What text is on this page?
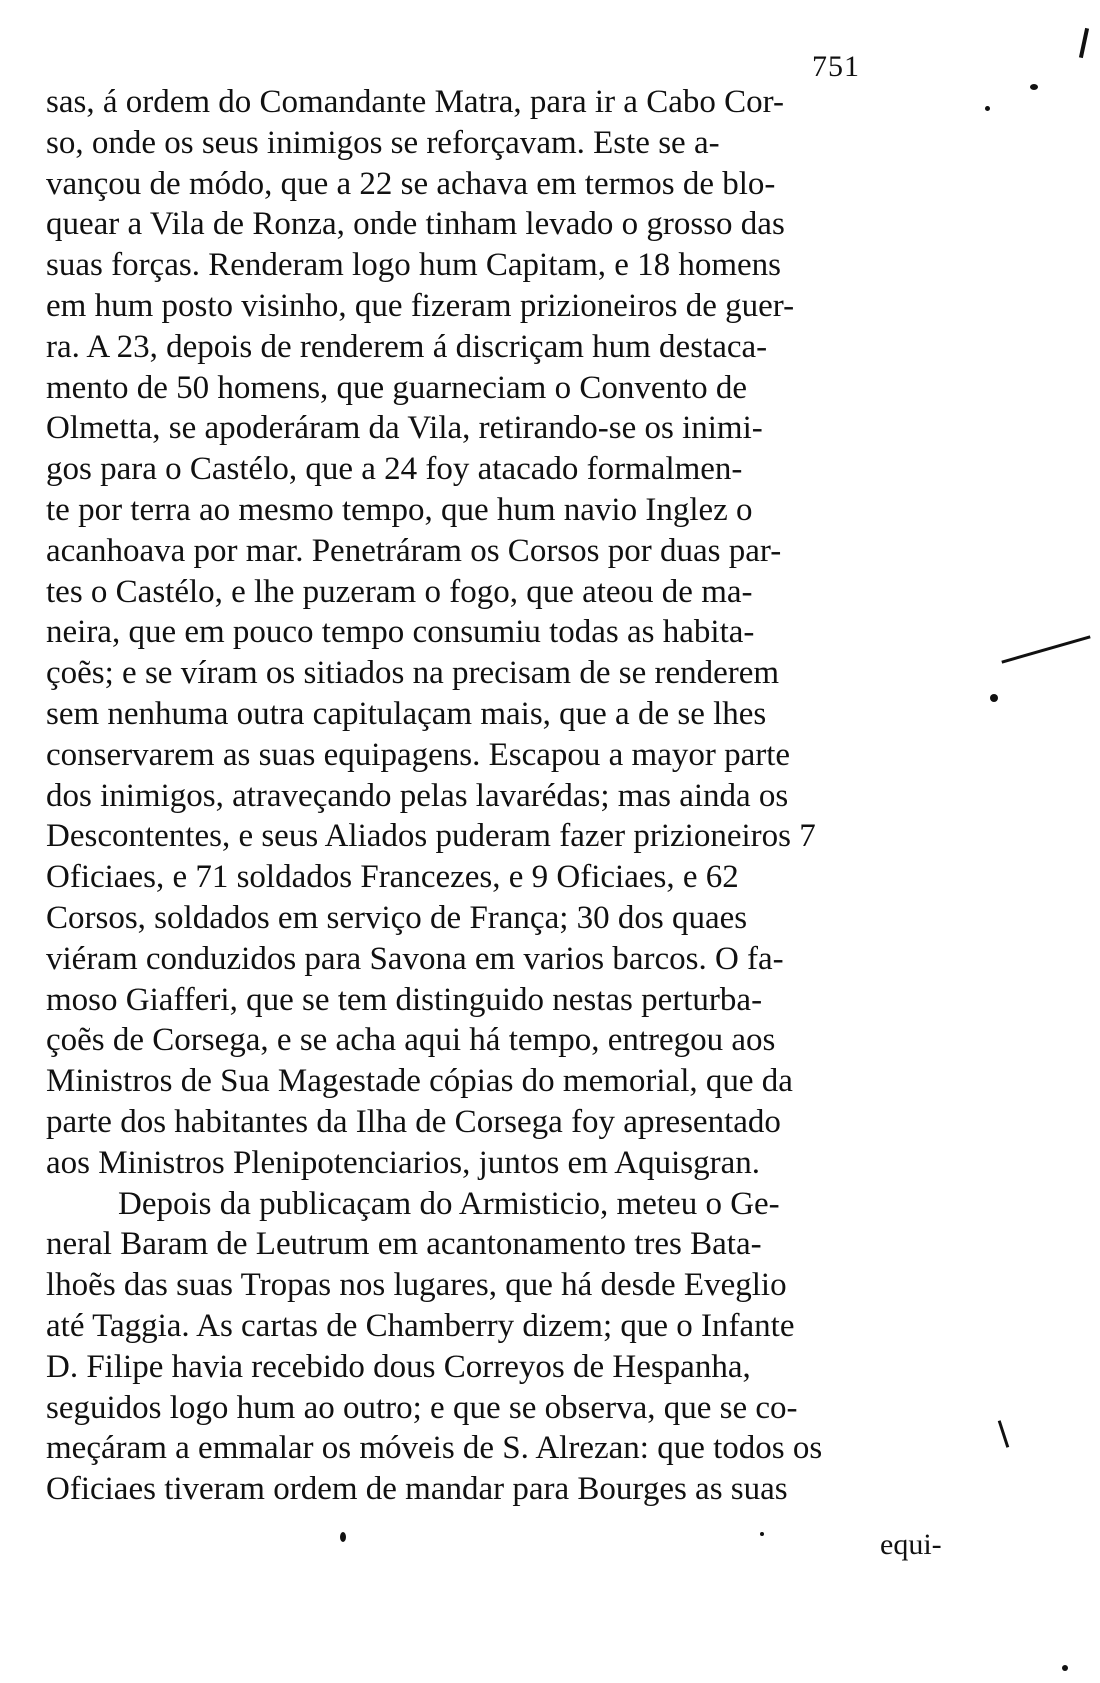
751
sas, á ordem do Comandante Matra, para ir a Cabo Cor-
so, onde os seus inimigos se reforçavam. Este se a-
vançou de módo, que a 22 se achava em termos de blo-
quear a Vila de Ronza, onde tinham levado o grosso das
suas forças. Renderam logo hum Capitam, e 18 homens
em hum posto visinho, que fizeram prizioneiros de guer-
ra. A 23, depois de renderem á discriçam hum destaca-
mento de 50 homens, que guarneciam o Convento de
Olmetta, se apoderáram da Vila, retirando-se os inimi-
gos para o Castélo, que a 24 foy atacado formalmen-
te por terra ao mesmo tempo, que hum navio Inglez o
acanhoava por mar. Penetráram os Corsos por duas par-
tes o Castélo, e lhe puzeram o fogo, que ateou de ma-
neira, que em pouco tempo consumiu todas as habita-
çoẽs; e se víram os sitiados na precisam de se renderem
sem nenhuma outra capitulaçam mais, que a de se lhes
conservarem as suas equipagens. Escapou a mayor parte
dos inimigos, atraveçando pelas lavarédas; mas ainda os
Descontentes, e seus Aliados puderam fazer prizioneiros 7
Oficiaes, e 71 soldados Francezes, e 9 Oficiaes, e 62
Corsos, soldados em serviço de França; 30 dos quaes
viéram conduzidos para Savona em varios barcos. O fa-
moso Giafferi, que se tem distinguido nestas perturba-
çoẽs de Corsega, e se acha aqui há tempo, entregou aos
Ministros de Sua Magestade cópias do memorial, que da
parte dos habitantes da Ilha de Corsega foy apresentado
aos Ministros Plenipotenciarios, juntos em Aquisgran.
Depois da publicaçam do Armisticio, meteu o Ge-
neral Baram de Leutrum em acantonamento tres Bata-
lhoẽs das suas Tropas nos lugares, que há desde Eveglio
até Taggia. As cartas de Chamberry dizem; que o Infante
D. Filipe havia recebido dous Correyos de Hespanha,
seguidos logo hum ao outro; e que se observa, que se co-
meçáram a emmalar os móveis de S. Alrezan: que todos os
Oficiaes tiveram ordem de mandar para Bourges as suas
equi-
